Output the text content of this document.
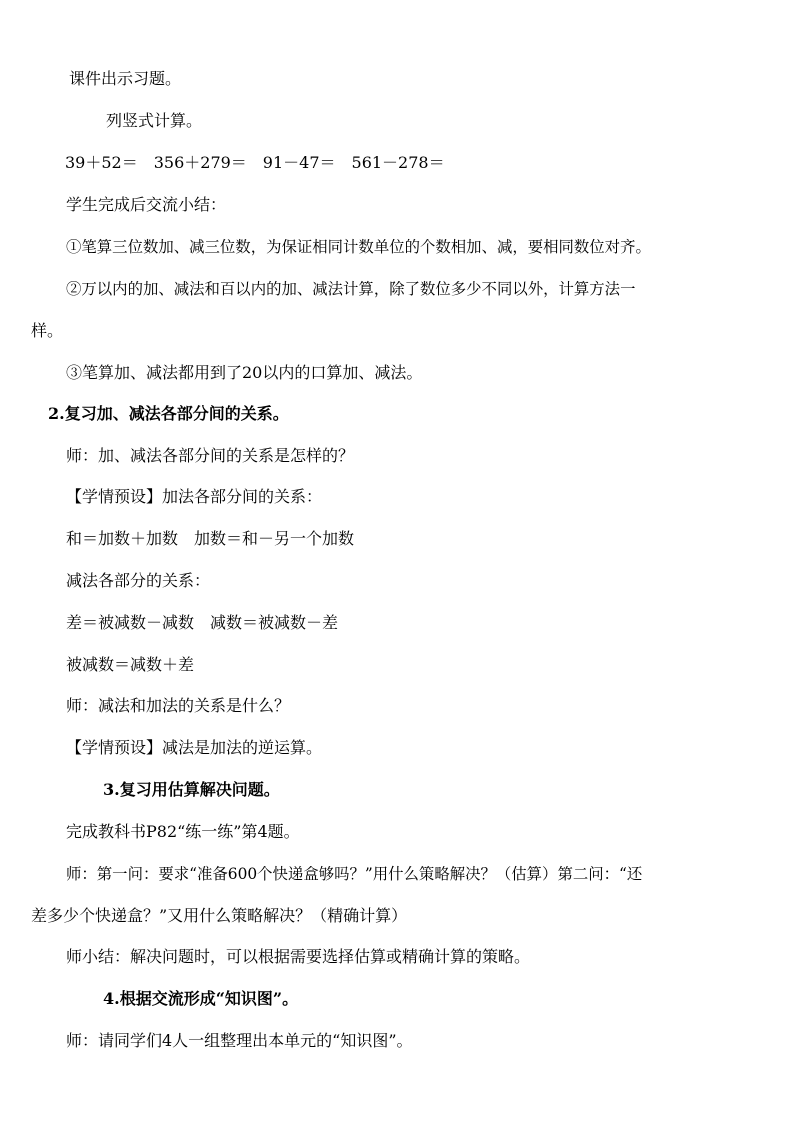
课件出示习题。
列竖式计算。
39＋52＝　356＋279＝　91－47＝　561－278＝
学生完成后交流小结：
①笔算三位数加、减三位数，为保证相同计数单位的个数相加、减，要相同数位对齐。
②万以内的加、减法和百以内的加、减法计算，除了数位多少不同以外，计算方法一
样。
③笔算加、减法都用到了20以内的口算加、减法。
2.复习加、减法各部分间的关系。
师：加、减法各部分间的关系是怎样的？
【学情预设】加法各部分间的关系：
和＝加数＋加数　加数＝和－另一个加数
减法各部分的关系：
差＝被减数－减数　减数＝被减数－差
被减数＝减数＋差
师：减法和加法的关系是什么？
【学情预设】减法是加法的逆运算。
3.复习用估算解决问题。
完成教科书P82“练一练”第4题。
师：第一问：要求“准备600个快递盒够吗？”用什么策略解决？（估算）第二问：“还
差多少个快递盒？”又用什么策略解决？（精确计算）
师小结：解决问题时，可以根据需要选择估算或精确计算的策略。
4.根据交流形成“知识图”。
师：请同学们4人一组整理出本单元的“知识图”。
